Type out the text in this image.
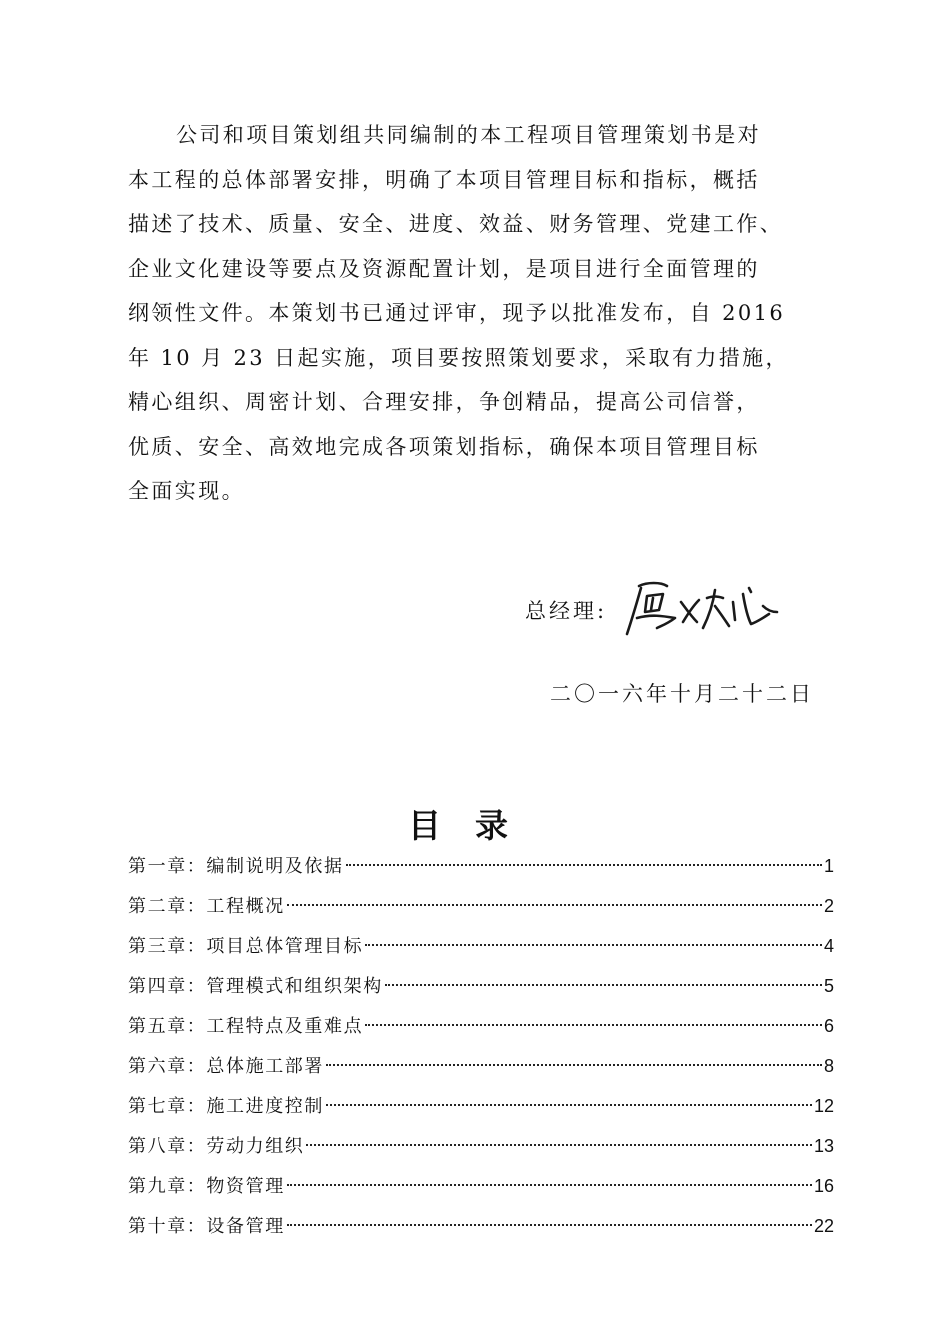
公司和项目策划组共同编制的本工程项目管理策划书是对
本工程的总体部署安排，明确了本项目管理目标和指标，概括
描述了技术、质量、安全、进度、效益、财务管理、党建工作、
企业文化建设等要点及资源配置计划，是项目进行全面管理的
纲领性文件。本策划书已通过评审，现予以批准发布，自 2016
年 10 月 23 日起实施，项目要按照策划要求，采取有力措施，
精心组织、周密计划、合理安排，争创精品，提高公司信誉，
优质、安全、高效地完成各项策划指标，确保本项目管理目标
全面实现。
总经理:
二〇一六年十月二十二日
目录
第一章：编制说明及依据	1
第二章：工程概况	2
第三章：项目总体管理目标	4
第四章：管理模式和组织架构	5
第五章：工程特点及重难点	6
第六章：总体施工部署	8
第七章：施工进度控制	12
第八章：劳动力组织	13
第九章：物资管理	16
第十章：设备管理	22
